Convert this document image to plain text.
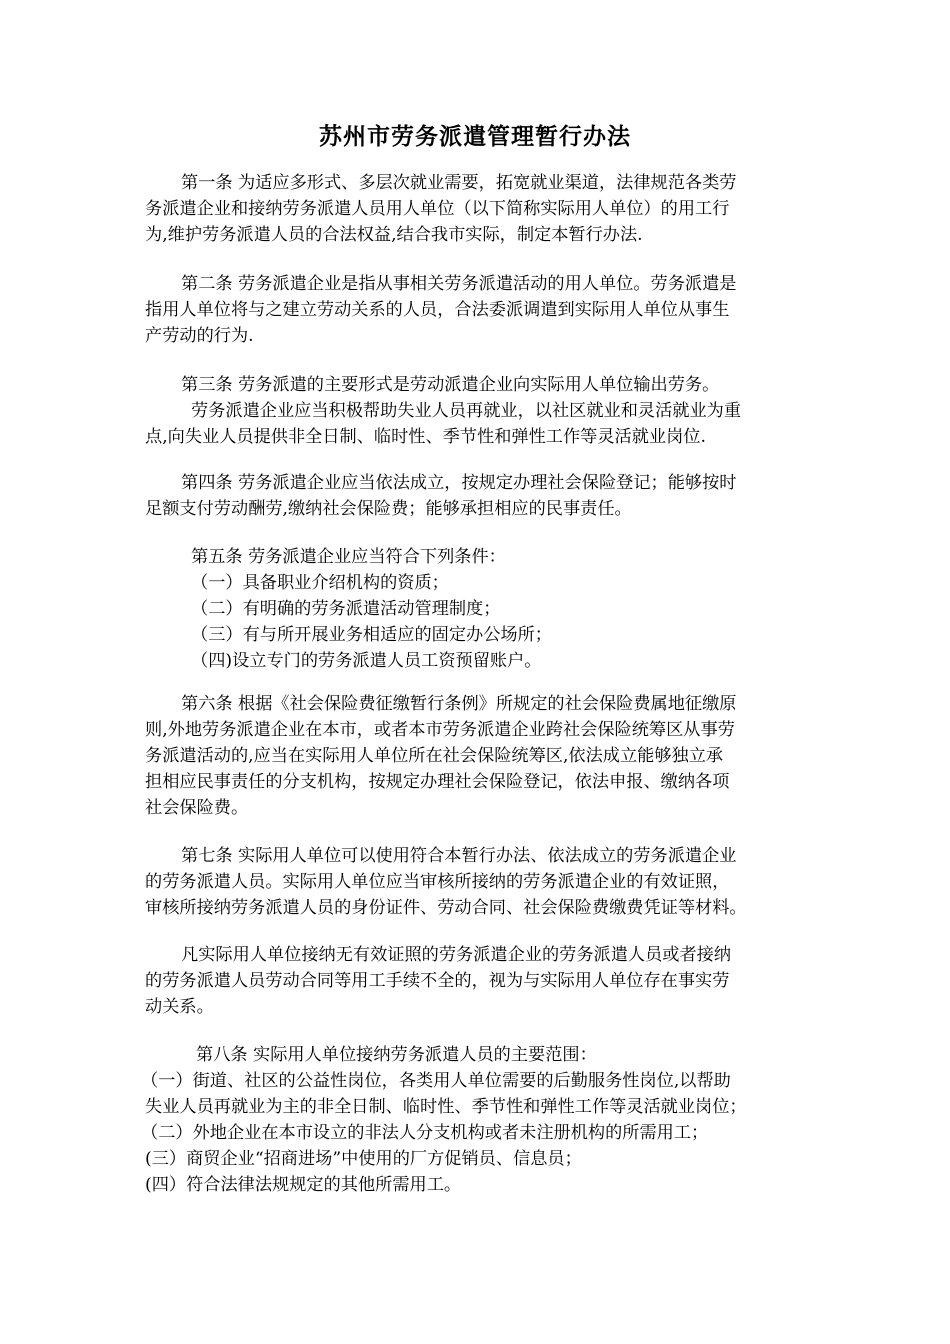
苏州市劳务派遣管理暂行办法
第一条 为适应多形式、多层次就业需要，拓宽就业渠道，法律规范各类劳
务派遣企业和接纳劳务派遣人员用人单位（以下简称实际用人单位）的用工行
为,维护劳务派遣人员的合法权益,结合我市实际，制定本暂行办法.
第二条 劳务派遣企业是指从事相关劳务派遣活动的用人单位。劳务派遣是
指用人单位将与之建立劳动关系的人员，合法委派调遣到实际用人单位从事生
产劳动的行为.
第三条 劳务派遣的主要形式是劳动派遣企业向实际用人单位输出劳务。
劳务派遣企业应当积极帮助失业人员再就业，以社区就业和灵活就业为重
点,向失业人员提供非全日制、临时性、季节性和弹性工作等灵活就业岗位.
第四条 劳务派遣企业应当依法成立，按规定办理社会保险登记；能够按时
足额支付劳动酬劳,缴纳社会保险费；能够承担相应的民事责任。
第五条 劳务派遣企业应当符合下列条件：
（一）具备职业介绍机构的资质；
（二）有明确的劳务派遣活动管理制度；
（三）有与所开展业务相适应的固定办公场所；
（四)设立专门的劳务派遣人员工资预留账户。
第六条 根据《社会保险费征缴暂行条例》所规定的社会保险费属地征缴原
则,外地劳务派遣企业在本市，或者本市劳务派遣企业跨社会保险统筹区从事劳
务派遣活动的,应当在实际用人单位所在社会保险统筹区,依法成立能够独立承
担相应民事责任的分支机构，按规定办理社会保险登记，依法申报、缴纳各项
社会保险费。
第七条 实际用人单位可以使用符合本暂行办法、依法成立的劳务派遣企业
的劳务派遣人员。实际用人单位应当审核所接纳的劳务派遣企业的有效证照，
审核所接纳劳务派遣人员的身份证件、劳动合同、社会保险费缴费凭证等材料。
凡实际用人单位接纳无有效证照的劳务派遣企业的劳务派遣人员或者接纳
的劳务派遣人员劳动合同等用工手续不全的，视为与实际用人单位存在事实劳
动关系。
第八条 实际用人单位接纳劳务派遣人员的主要范围：
（一）街道、社区的公益性岗位，各类用人单位需要的后勤服务性岗位,以帮助
失业人员再就业为主的非全日制、临时性、季节性和弹性工作等灵活就业岗位；
（二）外地企业在本市设立的非法人分支机构或者未注册机构的所需用工；
(三）商贸企业“招商进场”中使用的厂方促销员、信息员；
(四）符合法律法规规定的其他所需用工。
